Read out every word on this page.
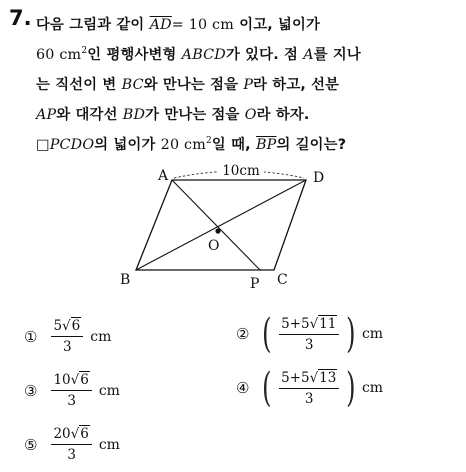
7. 다음 그림과 같이 $\overline{AD}= 10$ cm 이고, 넓이가
60 $cm^2$인 평행사변형 ABCD가 있다. 점 A를 지나
는 직선이 변 BC와 만나는 점을 P라 하고, 선분
AP와 대각선 BD가 만나는 점을 O라 하자.
□PCDO의 넓이가 20 $cm^2$일 때, $\overline{BP}$의 길이는?
10cm
A	D
B	C
P
O
① $\frac{5√6}{3}$ cm	② ( $\frac{5+5√11}{3}$ ) cm
③ $\frac{10√6}{3}$ cm	④ ( $\frac{5+5√13}{3}$ ) cm
⑤ $\frac{20√6}{3}$ cm
